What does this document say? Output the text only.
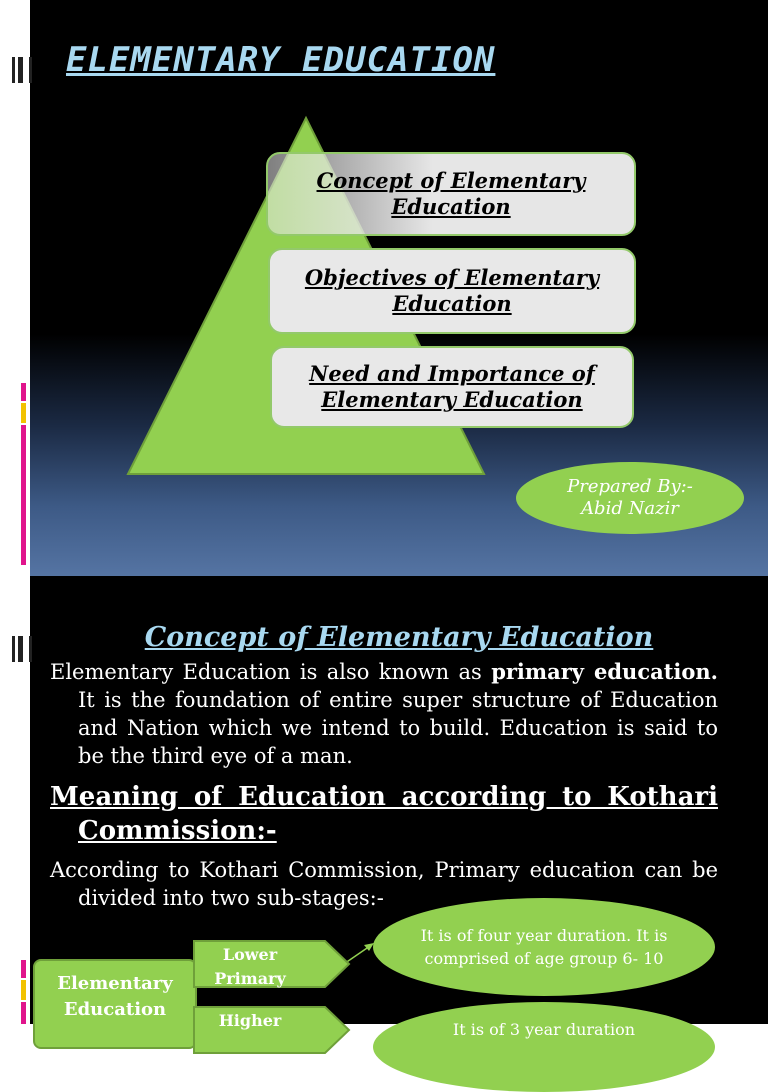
ELEMENTARY EDUCATION
Concept of Elementary Education
Objectives of Elementary Education
Need and Importance of Elementary Education
Prepared By:-
Abid Nazir
Concept of Elementary Education
Elementary Education is also known as primary education. It is the foundation of entire super structure of Education and Nation which we intend to build. Education is said to be the third eye of a man.
Meaning of Education according to Kothari Commission:-
According to Kothari Commission, Primary education can be divided into two sub-stages:-
It is of four year duration. It is comprised of age group 6- 10
It is of 3 year duration
Elementary
Education
Lower
Primary
Higher
